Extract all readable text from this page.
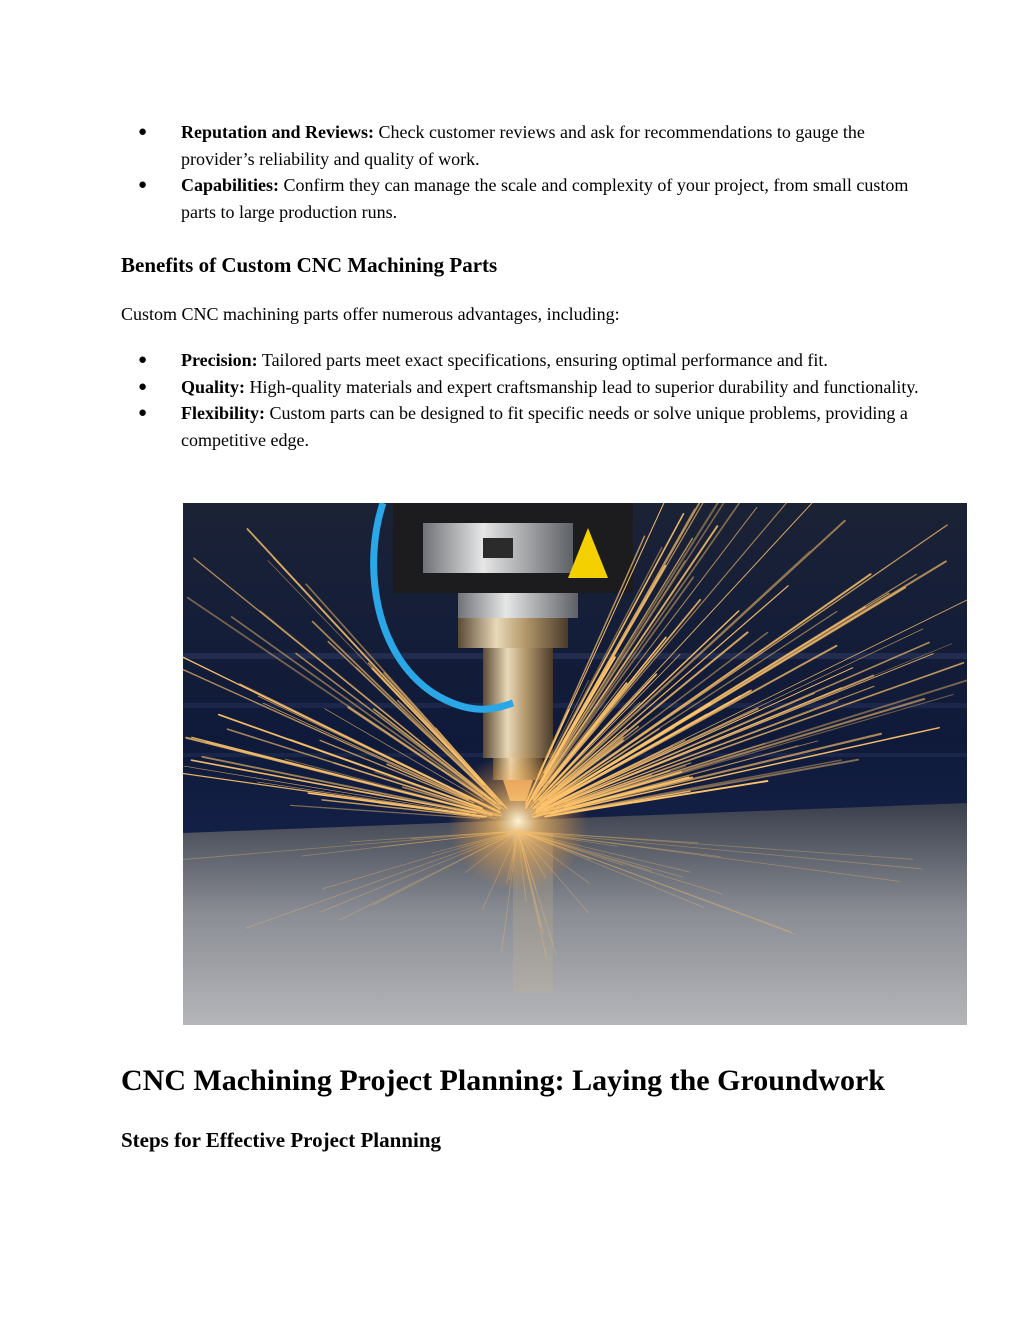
● Reputation and Reviews: Check customer reviews and ask for recommendations to gauge the provider’s reliability and quality of work.
● Capabilities: Confirm they can manage the scale and complexity of your project, from small custom parts to large production runs.
Benefits of Custom CNC Machining Parts

Custom CNC machining parts offer numerous advantages, including:

● Precision: Tailored parts meet exact specifications, ensuring optimal performance and fit.
● Quality: High-quality materials and expert craftsmanship lead to superior durability and functionality.
● Flexibility: Custom parts can be designed to fit specific needs or solve unique problems, providing a competitive edge.
CNC Machining Project Planning: Laying the Groundwork
Steps for Effective Project Planning
